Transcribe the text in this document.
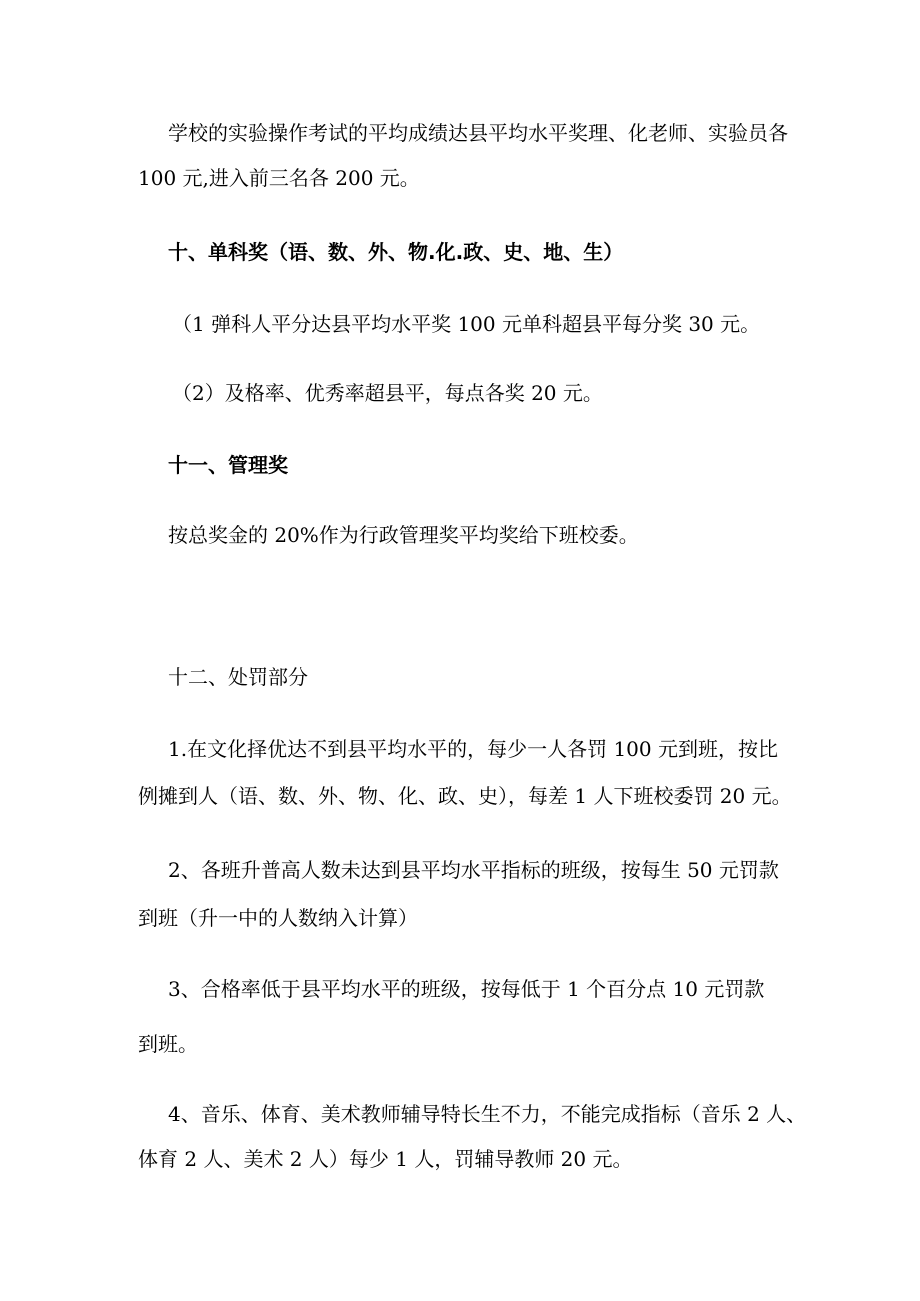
学校的实验操作考试的平均成绩达县平均水平奖理、化老师、实验员各

100 元,进入前三名各 200 元。

十、单科奖（语、数、外、物.化.政、史、地、生）

（1 弹科人平分达县平均水平奖 100 元单科超县平每分奖 30 元。

（2）及格率、优秀率超县平，每点各奖 20 元。

十一、管理奖

按总奖金的 20%作为行政管理奖平均奖给下班校委。

十二、处罚部分

1.在文化择优达不到县平均水平的，每少一人各罚 100 元到班，按比

例摊到人（语、数、外、物、化、政、史），每差 1 人下班校委罚 20 元。

2、各班升普高人数未达到县平均水平指标的班级，按每生 50 元罚款

到班（升一中的人数纳入计算）

3、合格率低于县平均水平的班级，按每低于 1 个百分点 10 元罚款

到班。

4、音乐、体育、美术教师辅导特长生不力，不能完成指标（音乐 2 人、

体育 2 人、美术 2 人）每少 1 人，罚辅导教师 20 元。
